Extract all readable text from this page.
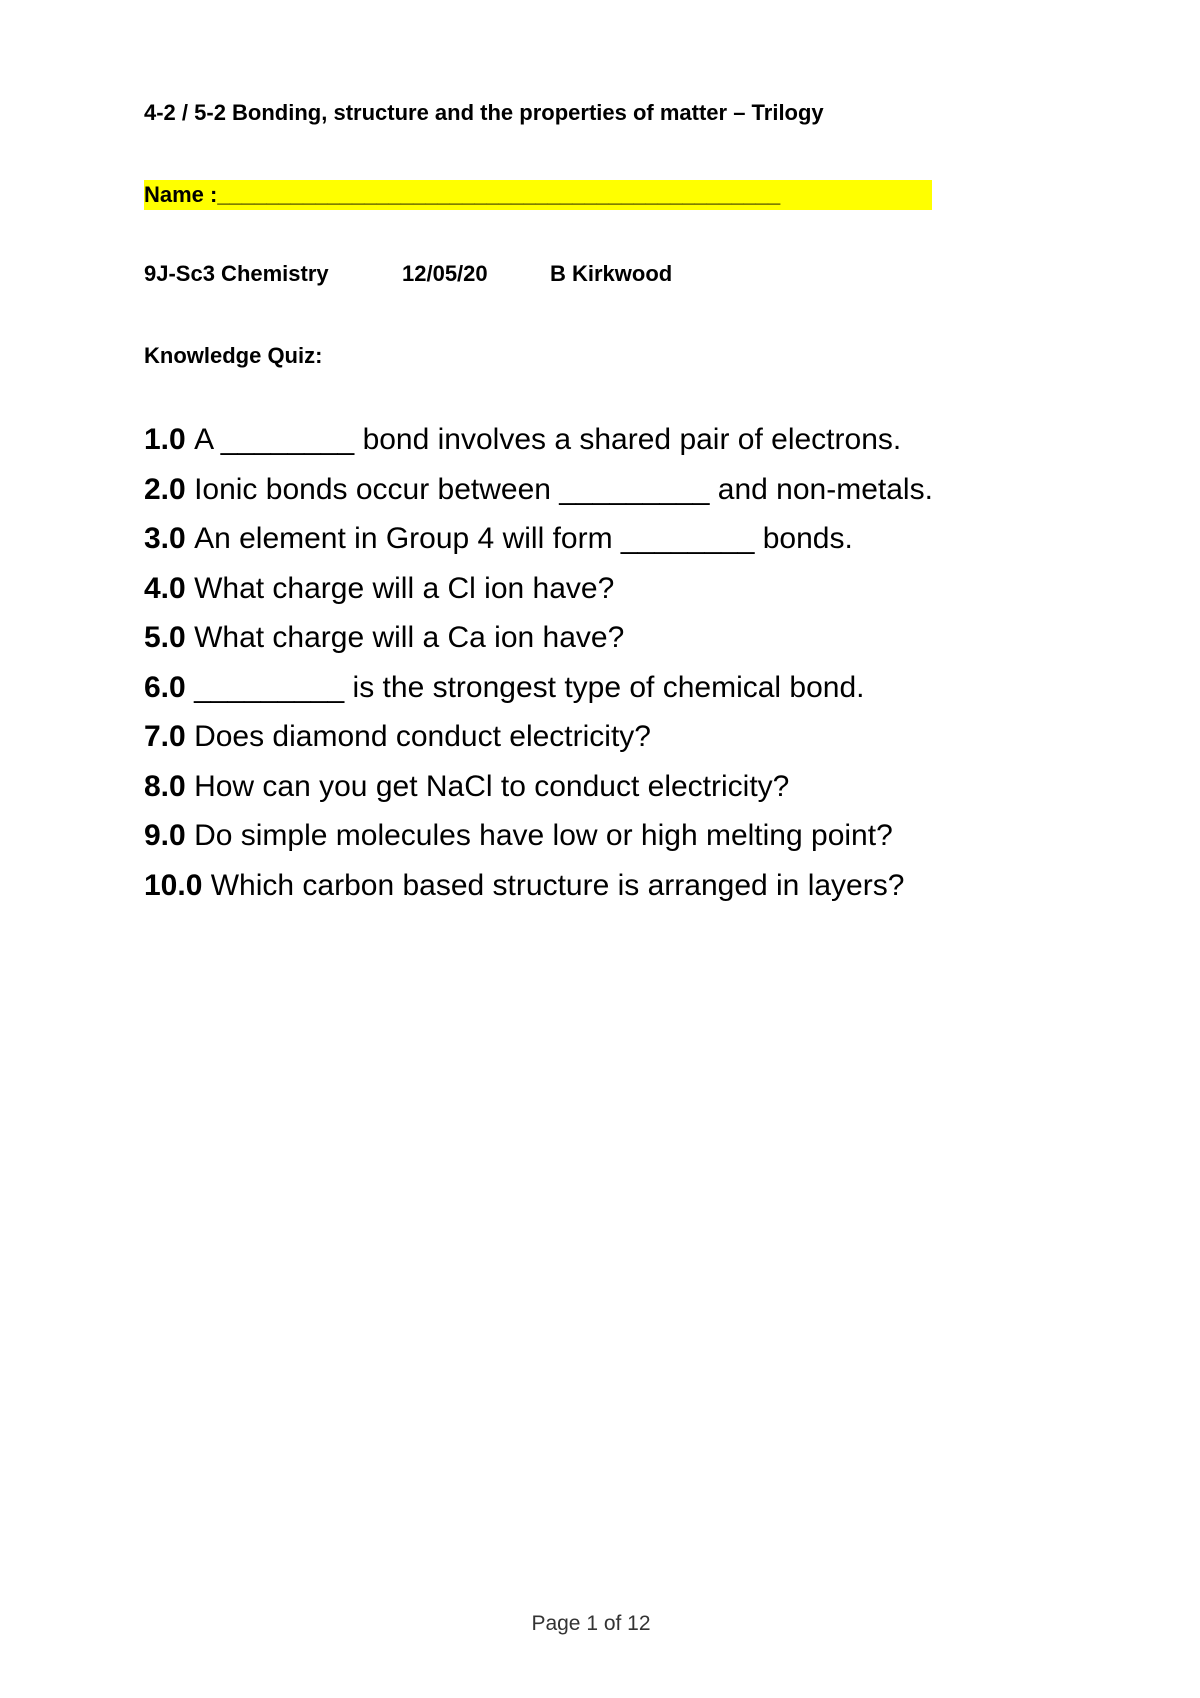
4-2 / 5-2 Bonding, structure and the properties of matter – Trilogy
Name :______________________________________________
9J-Sc3 Chemistry	12/05/20	B Kirkwood
Knowledge Quiz:
1.0 A ________ bond involves a shared pair of electrons.
2.0 Ionic bonds occur between _________ and non-metals.
3.0 An element in Group 4 will form ________ bonds.
4.0 What charge will a Cl ion have?
5.0 What charge will a Ca ion have?
6.0 _________ is the strongest type of chemical bond.
7.0 Does diamond conduct electricity?
8.0 How can you get NaCl to conduct electricity?
9.0 Do simple molecules have low or high melting point?
10.0 Which carbon based structure is arranged in layers?
Page 1 of 12
